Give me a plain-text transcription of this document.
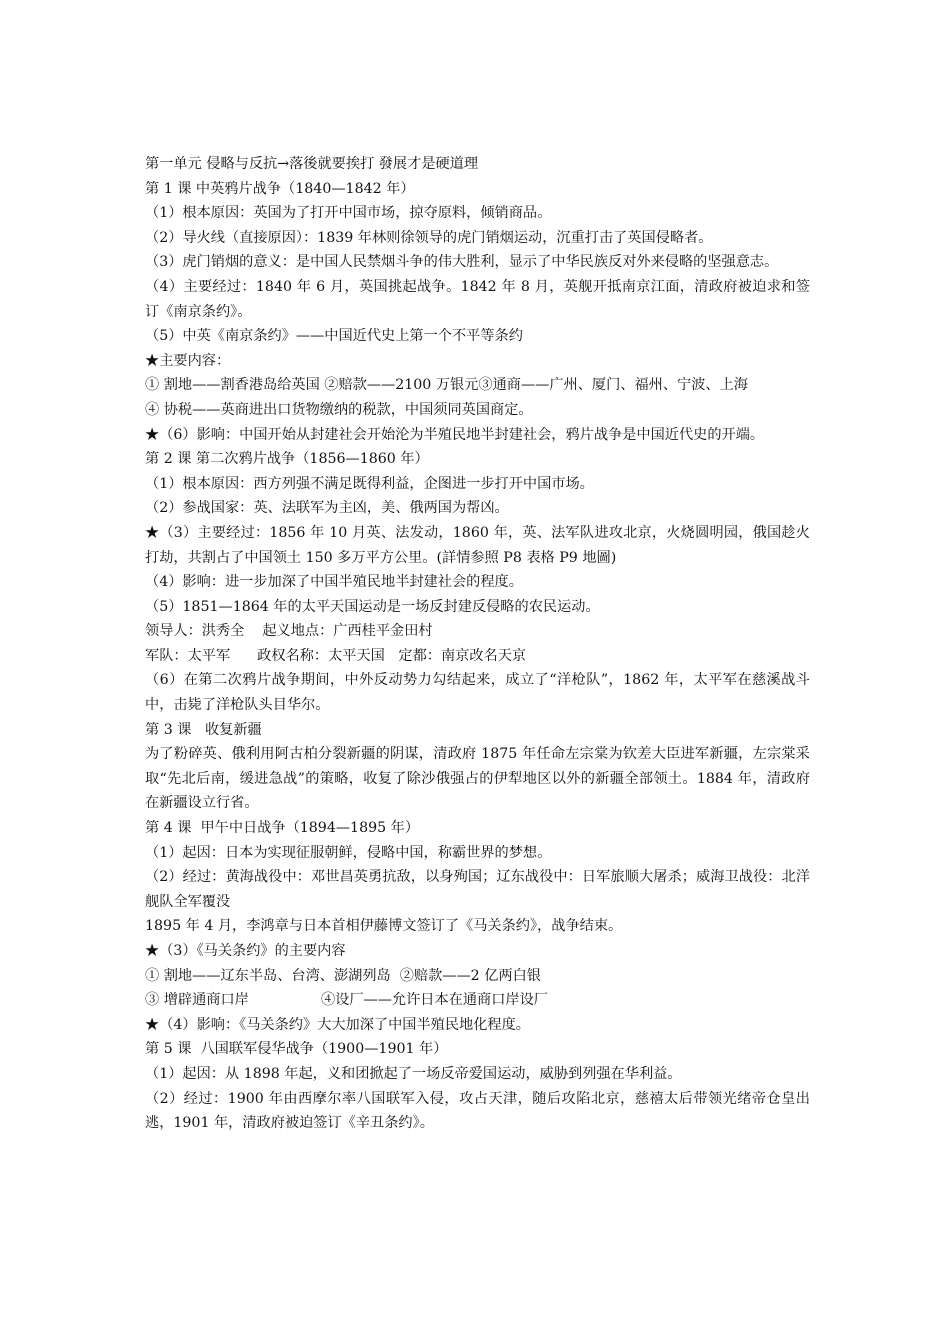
第一单元 侵略与反抗→落後就要挨打 發展才是硬道理

第 1 课 中英鸦片战争（1840—1842 年）

（1）根本原因：英国为了打开中国市场，掠夺原料，倾销商品。

（2）导火线（直接原因）：1839 年林则徐领导的虎门销烟运动，沉重打击了英国侵略者。

（3）虎门销烟的意义：是中国人民禁烟斗争的伟大胜利，显示了中华民族反对外来侵略的坚强意志。

（4）主要经过：1840 年 6 月，英国挑起战争。1842 年 8 月，英舰开抵南京江面，清政府被迫求和签订《南京条约》。

（5）中英《南京条约》——中国近代史上第一个不平等条约

★主要内容：

① 割地——割香港岛给英国 ②赔款——2100 万银元③通商——广州、厦门、福州、宁波、上海

④ 协税——英商进出口货物缴纳的税款，中国须同英国商定。

★（6）影响：中国开始从封建社会开始沦为半殖民地半封建社会，鸦片战争是中国近代史的开端。

第 2 课 第二次鸦片战争（1856—1860 年）

（1）根本原因：西方列强不满足既得利益，企图进一步打开中国市场。

（2）参战国家：英、法联军为主凶，美、俄两国为帮凶。

★（3）主要经过：1856 年 10 月英、法发动，1860 年，英、法军队进攻北京，火烧圆明园，俄国趁火打劫，共割占了中国领土 150 多万平方公里。(詳情参照 P8 表格 P9 地圖)

（4）影响：进一步加深了中国半殖民地半封建社会的程度。

（5）1851—1864 年的太平天国运动是一场反封建反侵略的农民运动。

领导人：洪秀全    起义地点：广西桂平金田村

军队：太平军      政权名称：太平天国   定都：南京改名天京

（6）在第二次鸦片战争期间，中外反动势力勾结起来，成立了“洋枪队”，1862 年，太平军在慈溪战斗中，击毙了洋枪队头目华尔。

第 3 课   收复新疆

为了粉碎英、俄利用阿古柏分裂新疆的阴谋，清政府 1875 年任命左宗棠为钦差大臣进军新疆，左宗棠采取“先北后南，缓进急战”的策略，收复了除沙俄强占的伊犁地区以外的新疆全部领土。1884 年，清政府在新疆设立行省。

第 4 课  甲午中日战争（1894—1895 年）

（1）起因：日本为实现征服朝鲜，侵略中国，称霸世界的梦想。

（2）经过：黄海战役中：邓世昌英勇抗敌，以身殉国；辽东战役中：日军旅顺大屠杀；威海卫战役：北洋舰队全军覆没

1895 年 4 月，李鸿章与日本首相伊藤博文签订了《马关条约》，战争结束。

★（3）《马关条约》的主要内容

① 割地——辽东半岛、台湾、澎湖列岛  ②赔款——2 亿两白银

③ 增辟通商口岸                ④设厂——允许日本在通商口岸设厂

★（4）影响：《马关条约》大大加深了中国半殖民地化程度。

第 5 课  八国联军侵华战争（1900—1901 年）

（1）起因：从 1898 年起，义和团掀起了一场反帝爱国运动，威胁到列强在华利益。

（2）经过：1900 年由西摩尔率八国联军入侵，攻占天津，随后攻陷北京，慈禧太后带领光绪帝仓皇出逃，1901 年，清政府被迫签订《辛丑条约》。
